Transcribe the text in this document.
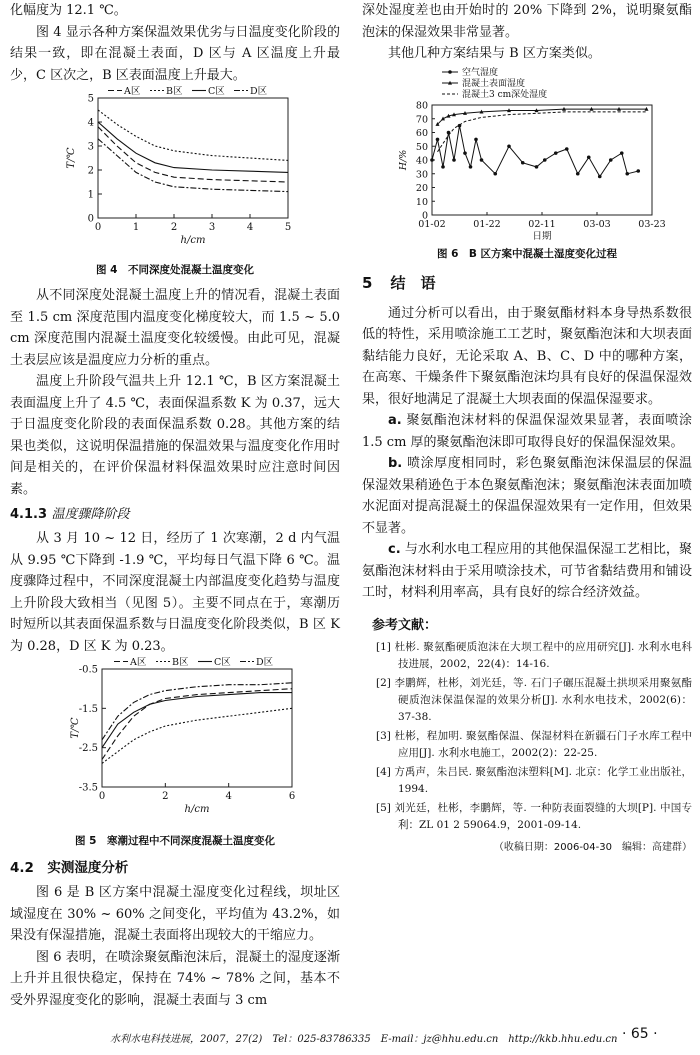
化幅度为 12.1 ℃。

图 4 显示各种方案保温效果优劣与日温度变化阶段的结果一致，即在混凝土表面，D 区与 A 区温度上升最少，C 区次之，B 区表面温度上升最大。

0	1	2	3	4	5
0
1
2
3
4
5
h/cm
T/℃
A区	B区	C区	D区
图 4　不同深度处混凝土温度变化

从不同深度处混凝土温度上升的情况看，混凝土表面至 1.5 cm 深度范围内温度变化梯度较大，而 1.5 ~ 5.0 cm 深度范围内混凝土温度变化较缓慢。由此可见，混凝土表层应该是温度应力分析的重点。

温度上升阶段气温共上升 12.1 ℃，B 区方案混凝土表面温度上升了 4.5 ℃，表面保温系数 K 为 0.37，远大于日温度变化阶段的表面保温系数 0.28。其他方案的结果也类似，这说明保温措施的保温效果与温度变化作用时间是相关的，在评价保温材料保温效果时应注意时间因素。

4.1.3 温度骤降阶段

从 3 月 10 ~ 12 日，经历了 1 次寒潮，2 d 内气温从 9.95 ℃下降到 -1.9 ℃，平均每日气温下降 6 ℃。温度骤降过程中，不同深度混凝土内部温度变化趋势与温度上升阶段大致相当（见图 5）。主要不同点在于，寒潮历时短所以其表面保温系数与日温度变化阶段类似，B 区 K 为 0.28，D 区 K 为 0.23。

0	2	4	6
-3.5
-2.5
-1.5
-0.5
h/cm
T/℃
A区	B区	C区	D区
图 5　寒潮过程中不同深度混凝土温度变化
4.2　实测湿度分析

图 6 是 B 区方案中混凝土湿度变化过程线，坝址区域湿度在 30% ~ 60% 之间变化，平均值为 43.2%，如果没有保湿措施，混凝土表面将出现较大的干缩应力。

图 6 表明，在喷涂聚氨酯泡沫后，混凝土的湿度逐渐上升并且很快稳定，保持在 74% ~ 78% 之间，基本不受外界湿度变化的影响，混凝土表面与 3 cm

深处湿度差也由开始时的 20% 下降到 2%，说明聚氨酯泡沫的保湿效果非常显著。

其他几种方案结果与 B 区方案类似。

0
10
20
30
40
50
60
70
80
01-02	01-22	02-11	03-03	03-23
日期
H/%
空气湿度
混凝土表面湿度
混凝土3 cm深处湿度
图 6　B 区方案中混凝土湿度变化过程
5 结　语

通过分析可以看出，由于聚氨酯材料本身导热系数很低的特性，采用喷涂施工工艺时，聚氨酯泡沫和大坝表面黏结能力良好，无论采取 A、B、C、D 中的哪种方案，在高寒、干燥条件下聚氨酯泡沫均具有良好的保温保湿效果，很好地满足了混凝土大坝表面的保温保湿要求。

a. 聚氨酯泡沫材料的保温保湿效果显著，表面喷涂 1.5 cm 厚的聚氨酯泡沫即可取得良好的保温保湿效果。

b. 喷涂厚度相同时，彩色聚氨酯泡沫保温层的保温保湿效果稍逊色于本色聚氨酯泡沫；聚氨酯泡沫表面加喷水泥面对提高混凝土的保温保湿效果有一定作用，但效果不显著。

c. 与水利水电工程应用的其他保温保湿工艺相比，聚氨酯泡沫材料由于采用喷涂技术，可节省黏结费用和铺设工时，材料利用率高，具有良好的综合经济效益。

参考文献：

[1] 杜彬. 聚氨酯硬质泡沫在大坝工程中的应用研究[J]. 水利水电科技进展，2002，22(4)：14-16.

[2] 李鹏辉，杜彬，刘光廷，等. 石门子碾压混凝土拱坝采用聚氨酯硬质泡沫保温保湿的效果分析[J]. 水利水电技术，2002(6)：37-38.

[3] 杜彬，程加明. 聚氨酯保温、保湿材料在新疆石门子水库工程中应用[J]. 水利水电施工，2002(2)：22-25.

[4] 方禹声，朱吕民. 聚氨酯泡沫塑料[M]. 北京：化学工业出版社，1994.

[5] 刘光廷，杜彬，李鹏辉，等. 一种防表面裂缝的大坝[P]. 中国专利：ZL 01 2 59064.9，2001-09-14.

（收稿日期：2006-04-30　编辑：高建群）
水利水电科技进展，2007，27(2)　Tel：025-83786335　E-mail：jz@hhu.edu.cn　http://kkb.hhu.edu.cn · 65 ·
